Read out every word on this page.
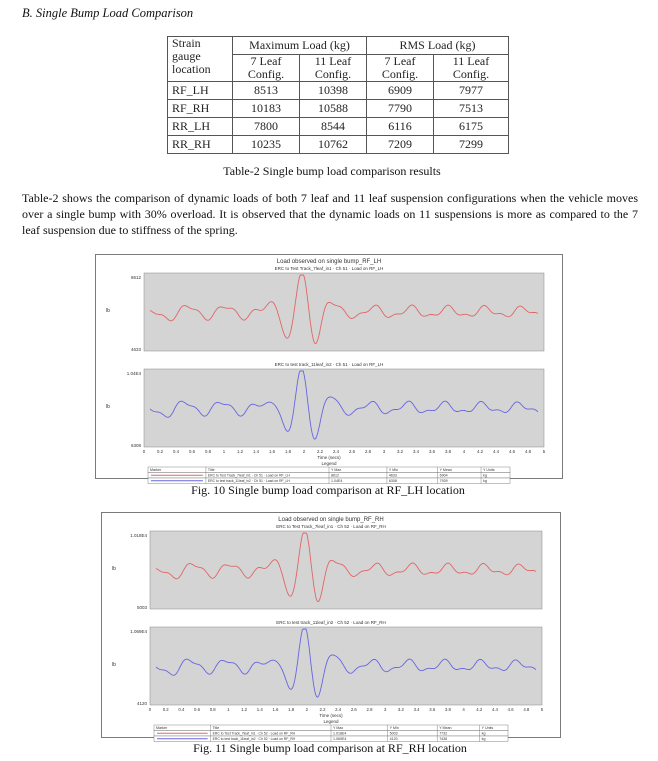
B. Single Bump Load Comparison
Strain gauge location	Maximum Load (kg)		RMS Load (kg)	
	7 Leaf Config.	11 Leaf Config.	7 Leaf Config.	11 Leaf Config.
RF_LH	8513	10398	6909	7977
RF_RH	10183	10588	7790	7513
RR_LH	7800	8544	6116	6175
RR_RH	10235	10762	7209	7299
Table-2 Single bump load comparison results
Table-2 shows the comparison of dynamic loads of both 7 leaf and 11 leaf suspension configurations when the vehicle moves over a single bump with 30% overload. It is observed that the dynamic loads on 11 suspensions is more as compared to the 7 leaf suspension due to stiffness of the spring.
Load observed on single bump_RF_LH
ERC to Test Track_7leaf_in1 · Ch 51 · Load on RF_LH
8612
4633
lb
ERC to test track_11leaf_in2 · Ch 51 · Load on RF_LH
1.04E4
6308
lb
0	0.2 0.4 0.6 0.8	1	1.2 1.4 1.6 1.8	2	2.2 2.4 2.6 2.8	3	3.2 3.4 3.6 3.8	4	4.2 4.4 4.6 4.8	5
Time (secs)
Legend
Marker	Title	Y Max	Y Min	Y Mean	Y Units
ERC to Test Track_7leaf_in1 · Ch 51 · Load on RF_LH	8612	4633	6904	kg
ERC to test track_11leaf_in2 · Ch 51 · Load on RF_LH	1.04E4	6308	7939	kg
Fig. 10 Single bump load comparison at RF_LH location
Load observed on single bump_RF_RH
ERC to Test Track_7leaf_in1 · Ch 52 · Load on RF_RH
1.018E4
5003
lb
ERC to test track_11leaf_in2 · Ch 52 · Load on RF_RH
1.069E4
4120
lb
0	0.2 0.4 0.6 0.8	1	1.2 1.4 1.6 1.8	2	2.2 2.4 2.6 2.8	3	3.2 3.4 3.6 3.8	4	4.2 4.4 4.6 4.8	5
Time (secs)
Legend
Marker	Title	Y Max	Y Min	Y Mean	Y Units
ERC to Test Track_7leaf_in1 · Ch 52 · Load on RF_RH	1.018E4	5003	7732	kg
ERC to test track_11leaf_in2 · Ch 52 · Load on RF_RH	1.069E4	4120	7438	kg
Fig. 11 Single bump load comparison at RF_RH location
